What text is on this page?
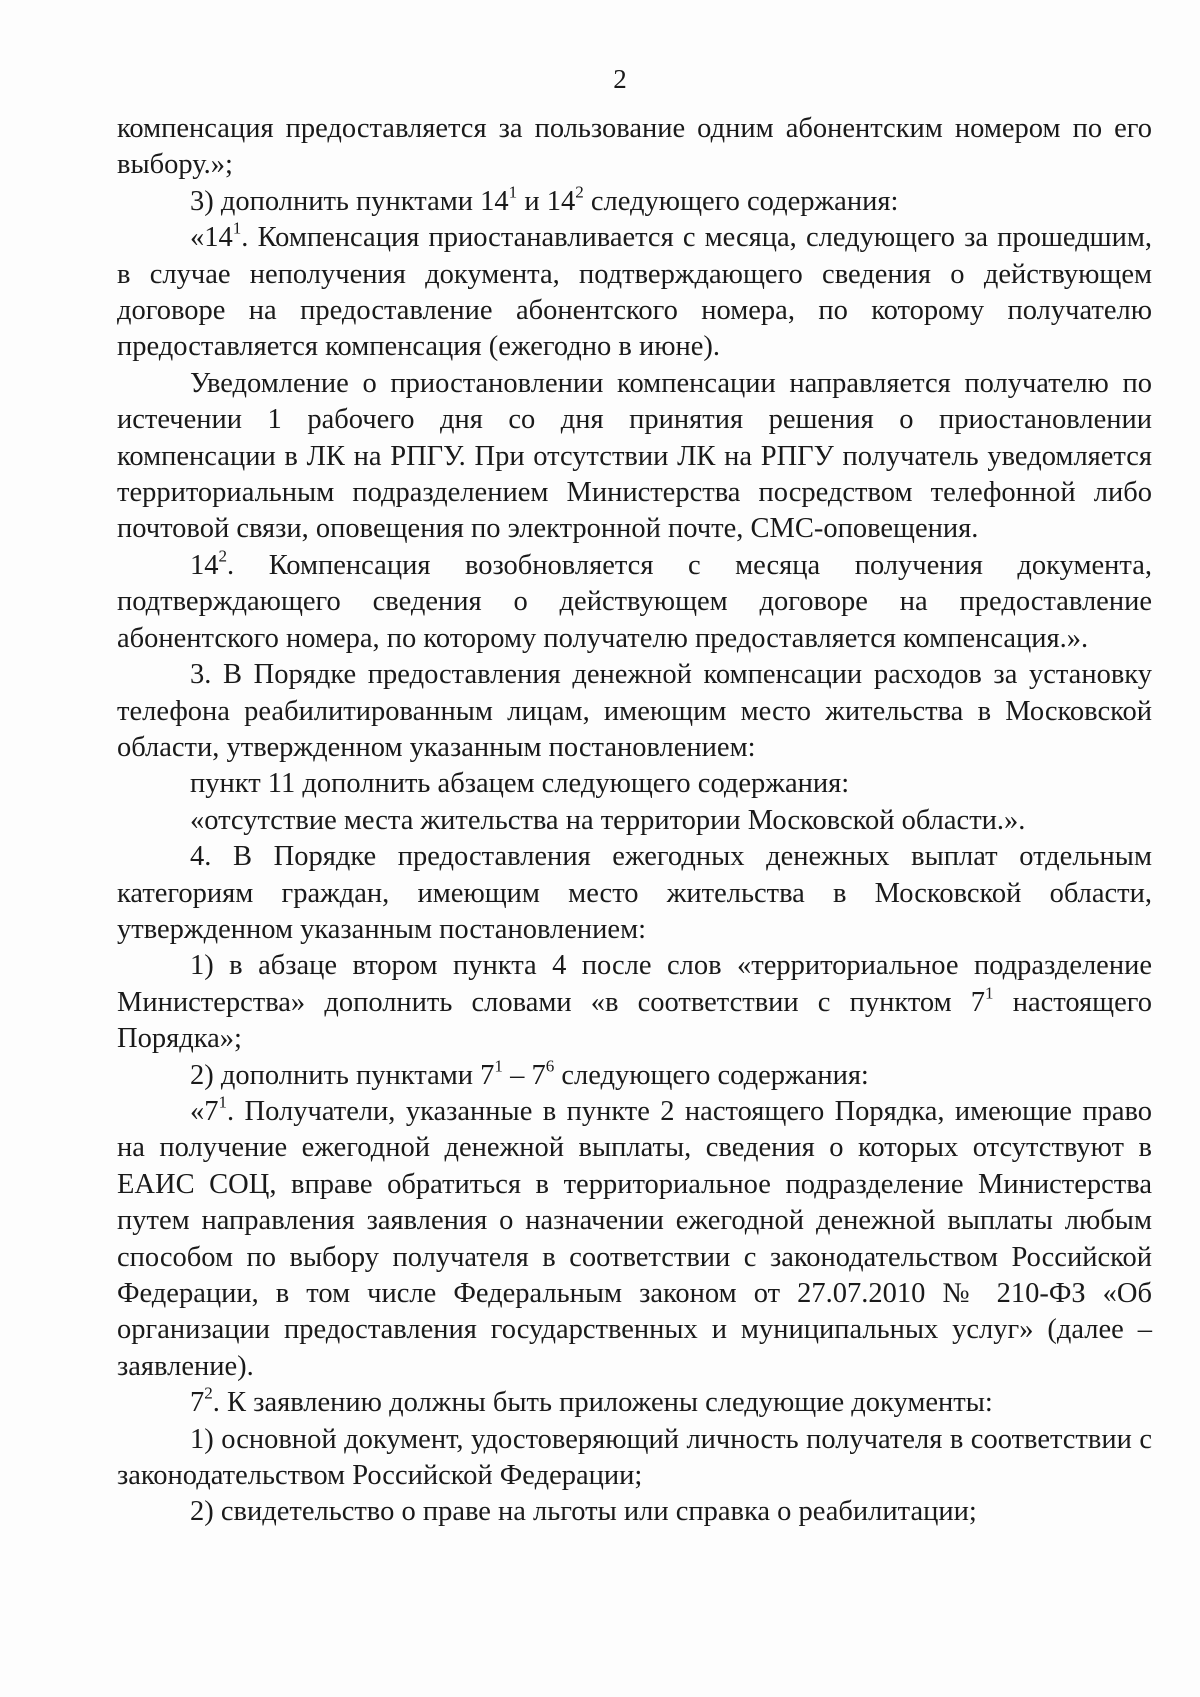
2

компенсация предоставляется за пользование одним абонентским номером по его выбору.»;

3) дополнить пунктами $14^1$ и $14^2$ следующего содержания:

«$14^1$. Компенсация приостанавливается с месяца, следующего за прошедшим, в случае неполучения документа, подтверждающего сведения о действующем договоре на предоставление абонентского номера, по которому получателю предоставляется компенсация (ежегодно в июне).

Уведомление о приостановлении компенсации направляется получателю по истечении 1 рабочего дня со дня принятия решения о приостановлении компенсации в ЛК на РПГУ. При отсутствии ЛК на РПГУ получатель уведомляется территориальным подразделением Министерства посредством телефонной либо почтовой связи, оповещения по электронной почте, СМС-оповещения.

$14^2$. Компенсация возобновляется с месяца получения документа, подтверждающего сведения о действующем договоре на предоставление абонентского номера, по которому получателю предоставляется компенсация.».

3. В Порядке предоставления денежной компенсации расходов за установку телефона реабилитированным лицам, имеющим место жительства в Московской области, утвержденном указанным постановлением:

пункт 11 дополнить абзацем следующего содержания:

«отсутствие места жительства на территории Московской области.».

4. В Порядке предоставления ежегодных денежных выплат отдельным категориям граждан, имеющим место жительства в Московской области, утвержденном указанным постановлением:

1) в абзаце втором пункта 4 после слов «территориальное подразделение Министерства» дополнить словами «в соответствии с пунктом $7^1$ настоящего Порядка»;

2) дополнить пунктами $7^1 - 7^6$ следующего содержания:

«$7^1$. Получатели, указанные в пункте 2 настоящего Порядка, имеющие право на получение ежегодной денежной выплаты, сведения о которых отсутствуют в ЕАИС СОЦ, вправе обратиться в территориальное подразделение Министерства путем направления заявления о назначении ежегодной денежной выплаты любым способом по выбору получателя в соответствии с законодательством Российской Федерации, в том числе Федеральным законом от 27.07.2010 № 210-ФЗ «Об организации предоставления государственных и муниципальных услуг» (далее – заявление).

$7^2$. К заявлению должны быть приложены следующие документы:

1) основной документ, удостоверяющий личность получателя в соответствии с законодательством Российской Федерации;

2) свидетельство о праве на льготы или справка о реабилитации;
